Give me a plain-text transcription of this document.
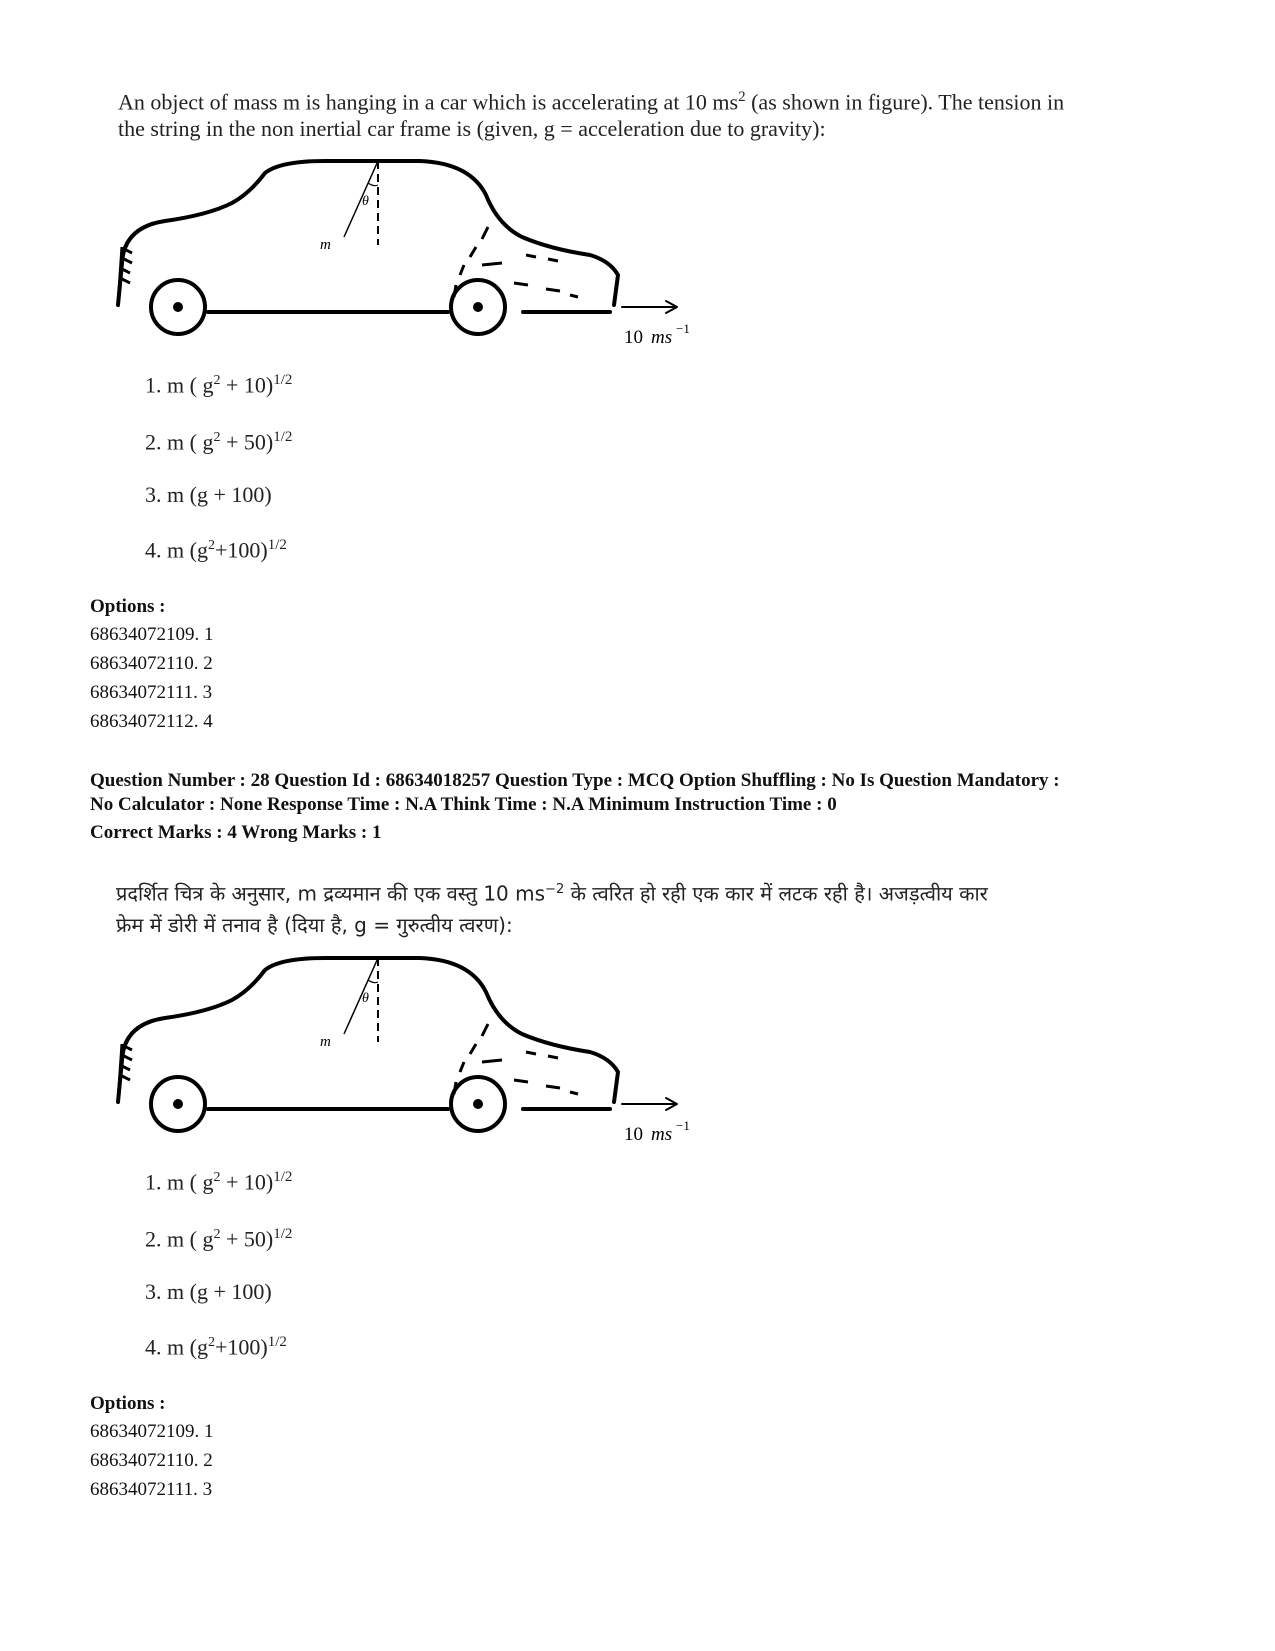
An object of mass m is hanging in a car which is accelerating at 10 $ms^2$ (as shown in figure). The tension in
the string in the non inertial car frame is (given, g = acceleration due to gravity):
θ
m
10 ms −1
1. m ( $g^2 + 10)^{1/2}$
2. m ( $g^2 + 50)^{1/2}$
3. m (g + 100)
4. m $(g^2+100)^{1/2}$
Options :
68634072109. 1
68634072110. 2
68634072111. 3
68634072112. 4
Question Number : 28 Question Id : 68634018257 Question Type : MCQ Option Shuffling : No Is Question Mandatory :
No Calculator : None Response Time : N.A Think Time : N.A Minimum Instruction Time : 0
Correct Marks : 4 Wrong Marks : 1
प्रदर्शित चित्र के अनुसार, m द्रव्यमान की एक वस्तु 10 $ms^{-2}$ के त्वरित हो रही एक कार में लटक रही है। अजड़त्वीय कार
फ्रेम में डोरी में तनाव है (दिया है, g = गुरुत्वीय त्वरण):
θ
m
10 ms −1
1. m ( $g^2 + 10)^{1/2}$
2. m ( $g^2 + 50)^{1/2}$
3. m (g + 100)
4. m $(g^2+100)^{1/2}$
Options :
68634072109. 1
68634072110. 2
68634072111. 3
